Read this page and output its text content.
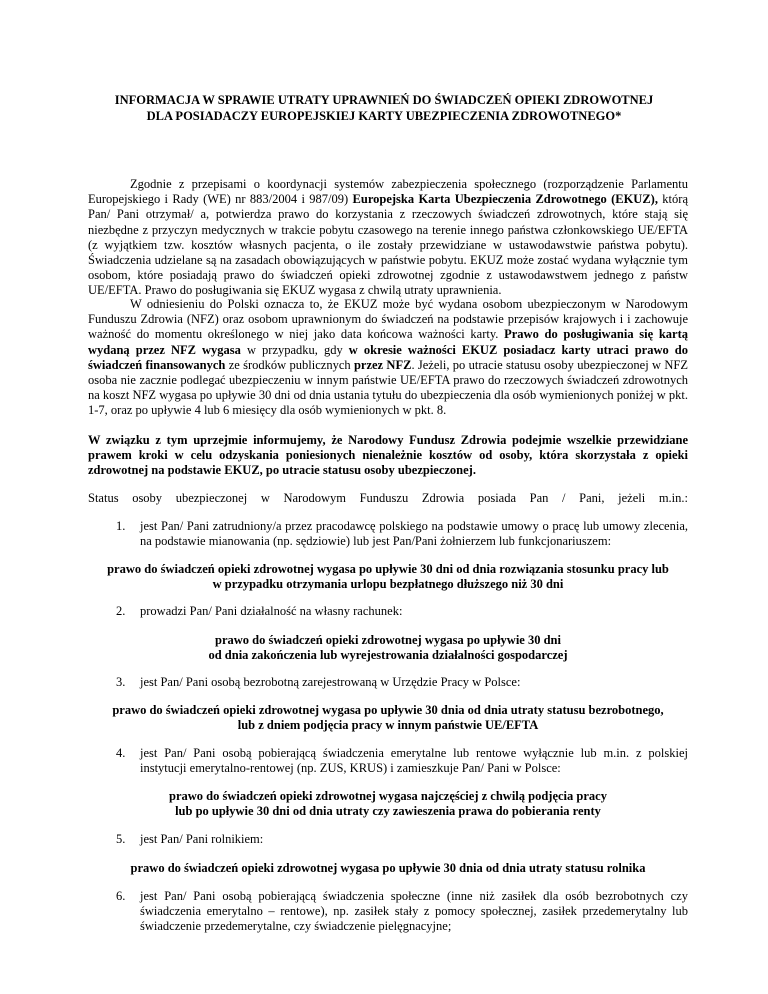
INFORMACJA W SPRAWIE UTRATY UPRAWNIEŃ DO ŚWIADCZEŃ OPIEKI ZDROWOTNEJ
DLA POSIADACZY EUROPEJSKIEJ KARTY UBEZPIECZENIA ZDROWOTNEGO*
Zgodnie z przepisami o koordynacji systemów zabezpieczenia społecznego (rozporządzenie Parlamentu Europejskiego i Rady (WE) nr 883/2004 i 987/09) Europejska Karta Ubezpieczenia Zdrowotnego (EKUZ), którą Pan/ Pani otrzymał/ a, potwierdza prawo do korzystania z rzeczowych świadczeń zdrowotnych, które stają się niezbędne z przyczyn medycznych w trakcie pobytu czasowego na terenie innego państwa członkowskiego UE/EFTA (z wyjątkiem tzw. kosztów własnych pacjenta, o ile zostały przewidziane w ustawodawstwie państwa pobytu). Świadczenia udzielane są na zasadach obowiązujących w państwie pobytu. EKUZ może zostać wydana wyłącznie tym osobom, które posiadają prawo do świadczeń opieki zdrowotnej zgodnie z ustawodawstwem jednego z państw UE/EFTA. Prawo do posługiwania się EKUZ wygasa z chwilą utraty uprawnienia.
W odniesieniu do Polski oznacza to, że EKUZ może być wydana osobom ubezpieczonym w Narodowym Funduszu Zdrowia (NFZ) oraz osobom uprawnionym do świadczeń na podstawie przepisów krajowych i i zachowuje ważność do momentu określonego w niej jako data końcowa ważności karty. Prawo do posługiwania się kartą wydaną przez NFZ wygasa w przypadku, gdy w okresie ważności EKUZ posiadacz karty utraci prawo do świadczeń finansowanych ze środków publicznych przez NFZ. Jeżeli, po utracie statusu osoby ubezpieczonej w NFZ osoba nie zacznie podlegać ubezpieczeniu w innym państwie UE/EFTA prawo do rzeczowych świadczeń zdrowotnych na koszt NFZ wygasa po upływie 30 dni od dnia ustania tytułu do ubezpieczenia dla osób wymienionych poniżej w pkt. 1-7, oraz po upływie 4 lub 6 miesięcy dla osób wymienionych w pkt. 8.
W związku z tym uprzejmie informujemy, że Narodowy Fundusz Zdrowia podejmie wszelkie przewidziane prawem kroki w celu odzyskania poniesionych nienależnie kosztów od osoby, która skorzystała z opieki zdrowotnej na podstawie EKUZ, po utracie statusu osoby ubezpieczonej.
Status osoby ubezpieczonej w Narodowym Funduszu Zdrowia posiada Pan / Pani, jeżeli m.in.:
1. jest Pan/ Pani zatrudniony/a przez pracodawcę polskiego na podstawie umowy o pracę lub umowy zlecenia, na podstawie mianowania (np. sędziowie) lub jest Pan/Pani żołnierzem lub funkcjonariuszem:
prawo do świadczeń opieki zdrowotnej wygasa po upływie 30 dni od dnia rozwiązania stosunku pracy lub
w przypadku otrzymania urlopu bezpłatnego dłuższego niż 30 dni
2. prowadzi Pan/ Pani działalność na własny rachunek:
prawo do świadczeń opieki zdrowotnej wygasa po upływie 30 dni
od dnia zakończenia lub wyrejestrowania działalności gospodarczej
3. jest Pan/ Pani osobą bezrobotną zarejestrowaną w Urzędzie Pracy w Polsce:
prawo do świadczeń opieki zdrowotnej wygasa po upływie 30 dnia od dnia utraty statusu bezrobotnego,
lub z dniem podjęcia pracy w innym państwie UE/EFTA
4. jest Pan/ Pani osobą pobierającą świadczenia emerytalne lub rentowe wyłącznie lub m.in. z polskiej instytucji emerytalno-rentowej (np. ZUS, KRUS) i zamieszkuje Pan/ Pani w Polsce:
prawo do świadczeń opieki zdrowotnej wygasa najczęściej z chwilą podjęcia pracy
lub po upływie 30 dni od dnia utraty czy zawieszenia prawa do pobierania renty
5. jest Pan/ Pani rolnikiem:
prawo do świadczeń opieki zdrowotnej wygasa po upływie 30 dnia od dnia utraty statusu rolnika
6. jest Pan/ Pani osobą pobierającą świadczenia społeczne (inne niż zasiłek dla osób bezrobotnych czy świadczenia emerytalno – rentowe), np. zasiłek stały z pomocy społecznej, zasiłek przedemerytalny lub świadczenie przedemerytalne, czy świadczenie pielęgnacyjne;
